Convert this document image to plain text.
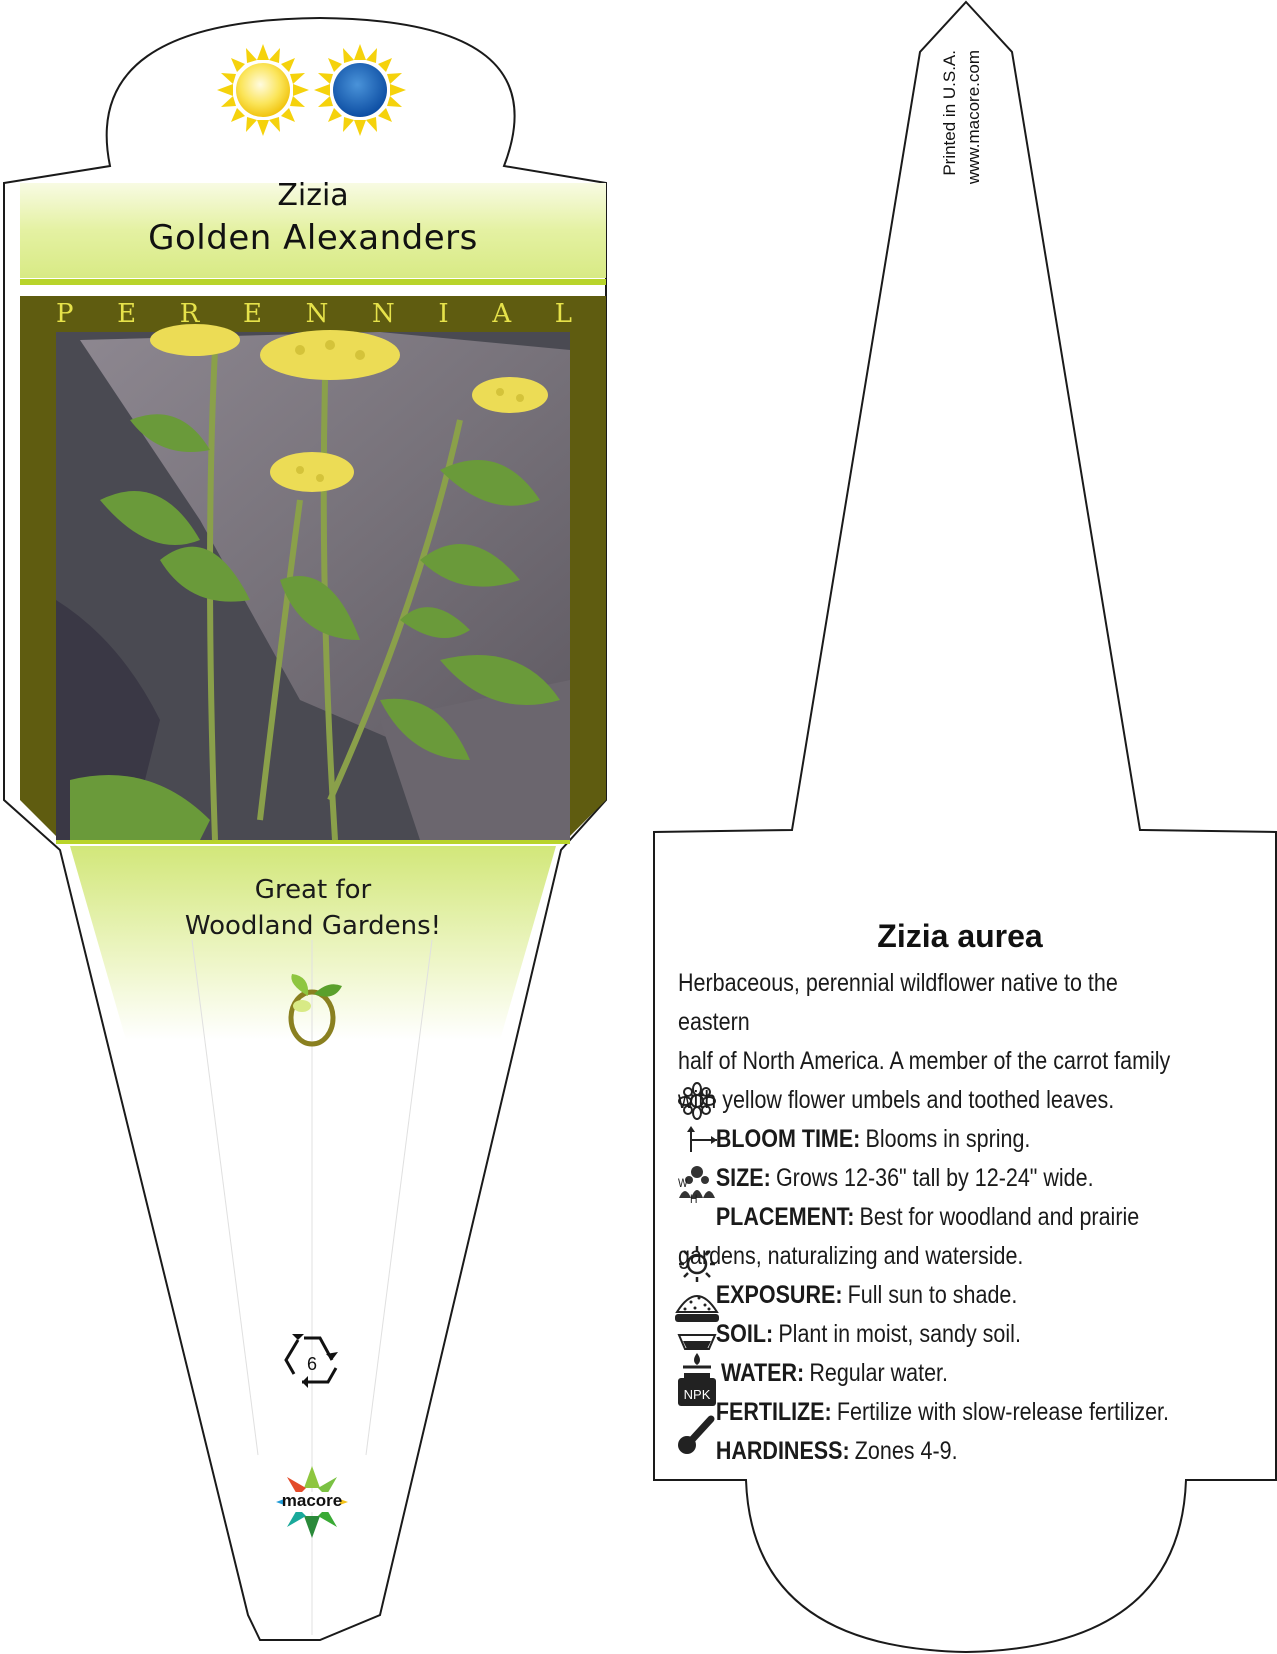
NPK
Zizia
Golden Alexanders
P E R E N N I A L
Great for
Woodland Gardens!
6
macore
Printed in U.S.A. www.macore.com
Zizia aurea

Herbaceous, perennial wildflower native to the eastern

half of North America. A member of the carrot family

with yellow flower umbels and toothed leaves.

BLOOM TIME: Blooms in spring.

W
H
SIZE: Grows 12-36" tall by 12-24" wide.

PLACEMENT: Best for woodland and prairie

gardens, naturalizing and waterside.

EXPOSURE: Full sun to shade.

SOIL: Plant in moist, sandy soil.

WATER: Regular water.

FERTILIZE: Fertilize with slow-release fertilizer.

HARDINESS: Zones 4-9.
